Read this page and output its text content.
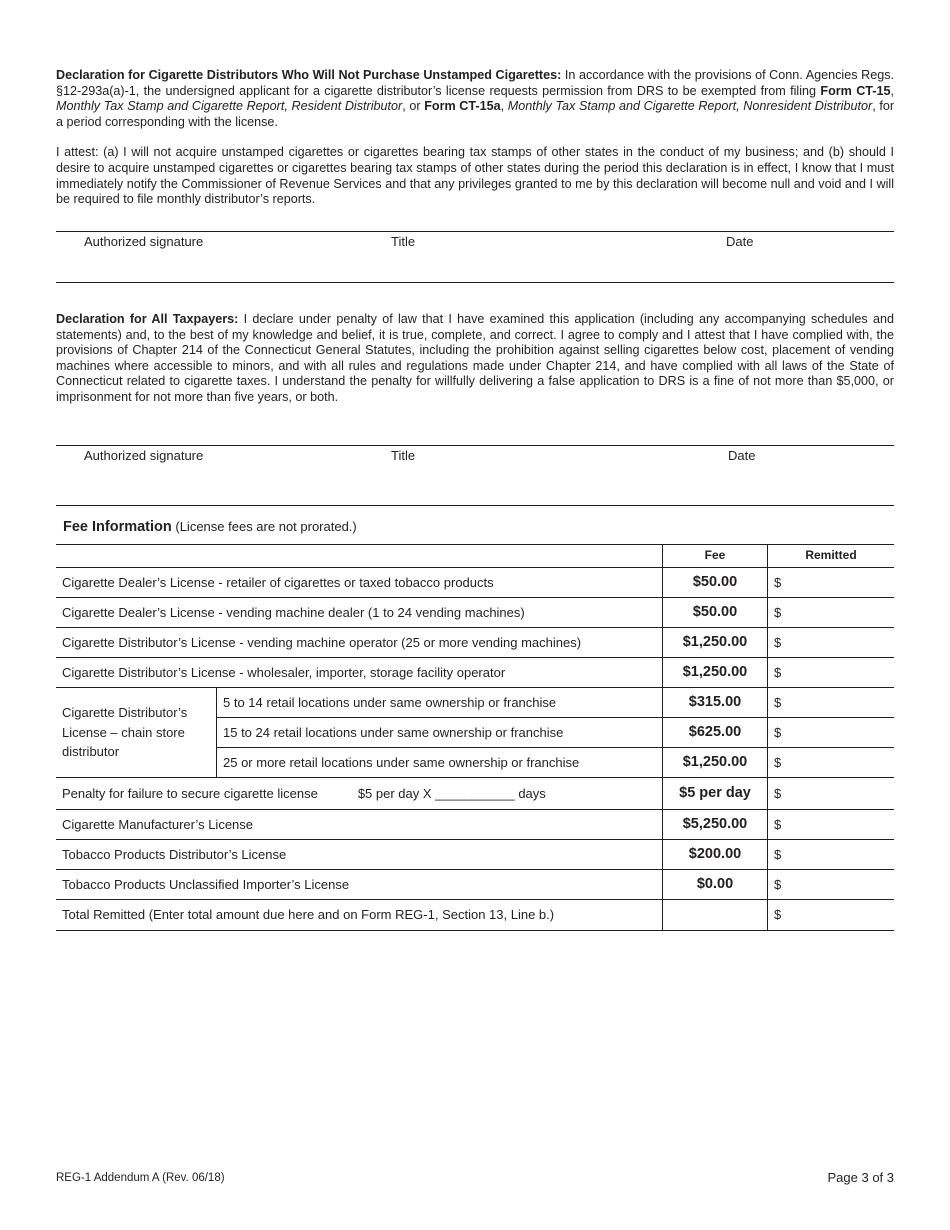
Declaration for Cigarette Distributors Who Will Not Purchase Unstamped Cigarettes: In accordance with the provisions of Conn. Agencies Regs. §12-293a(a)-1, the undersigned applicant for a cigarette distributor’s license requests permission from DRS to be exempted from filing Form CT-15, Monthly Tax Stamp and Cigarette Report, Resident Distributor, or Form CT-15a, Monthly Tax Stamp and Cigarette Report, Nonresident Distributor, for a period corresponding with the license.

I attest: (a) I will not acquire unstamped cigarettes or cigarettes bearing tax stamps of other states in the conduct of my business; and (b) should I desire to acquire unstamped cigarettes or cigarettes bearing tax stamps of other states during the period this declaration is in effect, I know that I must immediately notify the Commissioner of Revenue Services and that any privileges granted to me by this declaration will become null and void and I will be required to file monthly distributor’s reports.

Authorized signature	Title	Date

Declaration for All Taxpayers: I declare under penalty of law that I have examined this application (including any accompanying schedules and statements) and, to the best of my knowledge and belief, it is true, complete, and correct. I agree to comply and I attest that I have complied with, the provisions of Chapter 214 of the Connecticut General Statutes, including the prohibition against selling cigarettes below cost, placement of vending machines where accessible to minors, and with all rules and regulations made under Chapter 214, and have complied with all laws of the State of Connecticut related to cigarette taxes. I understand the penalty for willfully delivering a false application to DRS is a fine of not more than $5,000, or imprisonment for not more than five years, or both.

Authorized signature	Title	Date
Fee Information (License fees are not prorated.)
		Fee	Remitted
Cigarette Dealer’s License - retailer of cigarettes or taxed tobacco products		$50.00	$
Cigarette Dealer’s License - vending machine dealer (1 to 24 vending machines)		$50.00	$
Cigarette Distributor’s License - vending machine operator (25 or more vending machines)		$1,250.00	$
Cigarette Distributor’s License - wholesaler, importer, storage facility operator		$1,250.00	$
Cigarette Distributor’s License – chain store distributor	5 to 14 retail locations under same ownership or franchise	$315.00	$
	15 to 24 retail locations under same ownership or franchise	$625.00	$
	25 or more retail locations under same ownership or franchise	$1,250.00	$
Penalty for failure to secure cigarette license $5 per day X ___________ days		$5 per day	$
Cigarette Manufacturer’s License		$5,250.00	$
Tobacco Products Distributor’s License		$200.00	$
Tobacco Products Unclassified Importer’s License		$0.00	$
Total Remitted (Enter total amount due here and on Form REG-1, Section 13, Line b.)			$
REG-1 Addendum A (Rev. 06/18)	Page 3 of 3
